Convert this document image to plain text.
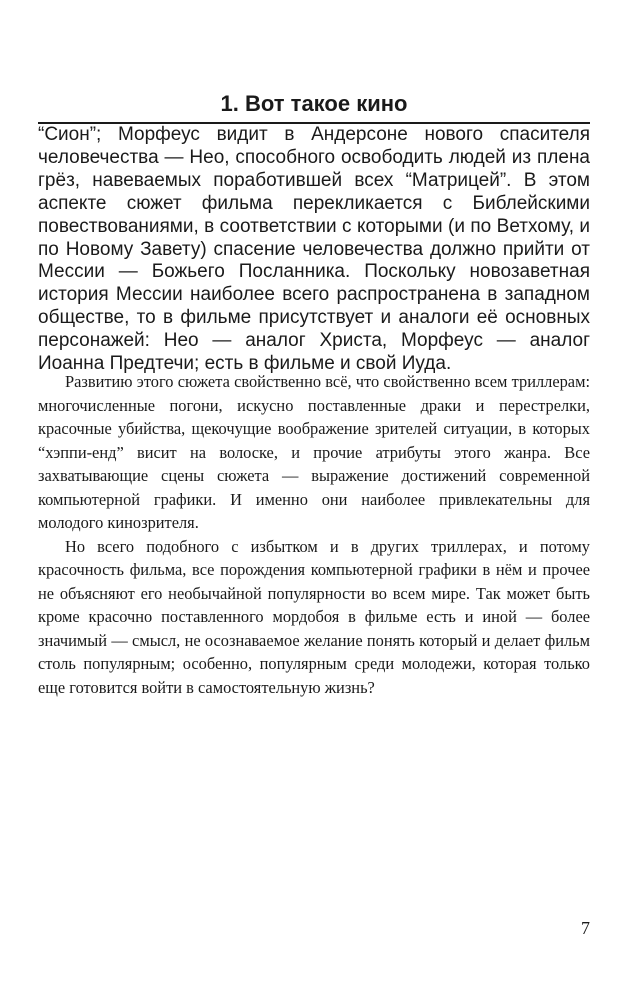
1. Вот такое кино

“Сион”; Морфеус видит в Андерсоне нового спасителя человечества — Нео, способного освободить людей из плена грёз, навеваемых поработившей всех “Матрицей”. В этом аспекте сюжет фильма перекликается с Библейскими повествованиями, в соответствии с которыми (и по Ветхому, и по Новому Завету) спасение человечества должно прийти от Мессии — Божьего Посланника. Поскольку новозаветная история Мессии наиболее всего распространена в западном обществе, то в фильме присутствует и аналоги её основных персонажей: Нео — аналог Христа, Морфеус — аналог Иоанна Предтечи; есть в фильме и свой Иуда.

Развитию этого сюжета свойственно всё, что свойственно всем триллерам: многочисленные погони, искусно поставленные драки и перестрелки, красочные убийства, щекочущие воображение зрителей ситуации, в которых “хэппи-енд” висит на волоске, и прочие атрибуты этого жанра. Все захватывающие сцены сюжета — выражение достижений современной компьютерной графики. И именно они наиболее привлекательны для молодого кинозрителя.

Но всего подобного с избытком и в других триллерах, и потому красочность фильма, все порождения компьютерной графики в нём и прочее не объясняют его необычайной популярности во всем мире. Так может быть кроме красочно поставленного мордобоя в фильме есть и иной — более значимый — смысл, не осознаваемое желание понять который и делает фильм столь популярным; особенно, популярным среди молодежи, которая только еще готовится войти в самостоятельную жизнь?

7
